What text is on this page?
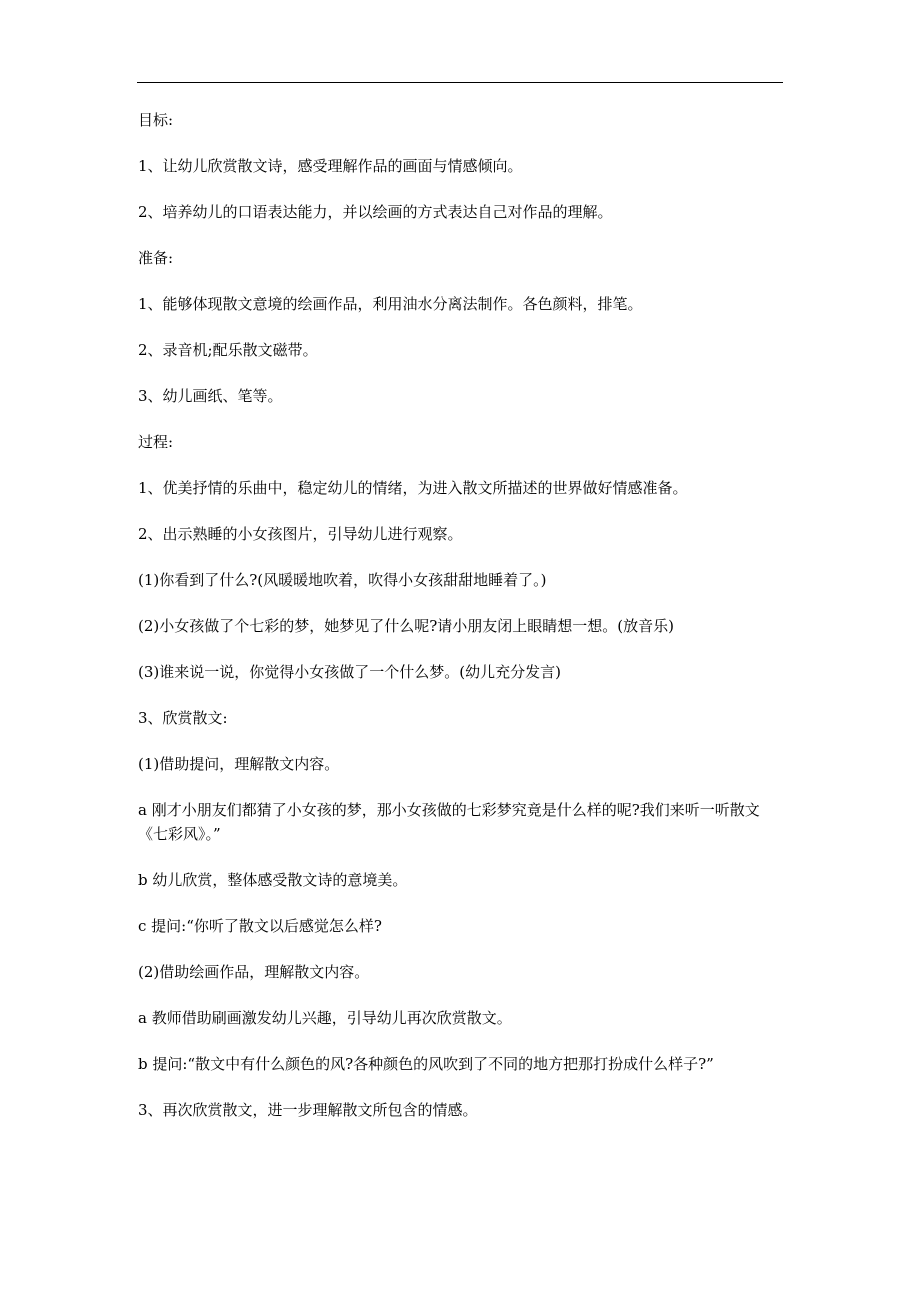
目标:

1、让幼儿欣赏散文诗，感受理解作品的画面与情感倾向。

2、培养幼儿的口语表达能力，并以绘画的方式表达自己对作品的理解。

准备:

1、能够体现散文意境的绘画作品，利用油水分离法制作。各色颜料，排笔。

2、录音机;配乐散文磁带。

3、幼儿画纸、笔等。

过程:

1、优美抒情的乐曲中，稳定幼儿的情绪，为进入散文所描述的世界做好情感准备。

2、出示熟睡的小女孩图片，引导幼儿进行观察。

(1)你看到了什么?(风暖暖地吹着，吹得小女孩甜甜地睡着了。)

(2)小女孩做了个七彩的梦，她梦见了什么呢?请小朋友闭上眼睛想一想。(放音乐)

(3)谁来说一说，你觉得小女孩做了一个什么梦。(幼儿充分发言)

3、欣赏散文:

(1)借助提问，理解散文内容。

a 刚才小朋友们都猜了小女孩的梦，那小女孩做的七彩梦究竟是什么样的呢?我们来听一听散文《七彩风》。”

b 幼儿欣赏，整体感受散文诗的意境美。

c 提问:“你听了散文以后感觉怎么样?

(2)借助绘画作品，理解散文内容。

a 教师借助刷画激发幼儿兴趣，引导幼儿再次欣赏散文。

b 提问:“散文中有什么颜色的风?各种颜色的风吹到了不同的地方把那打扮成什么样子?”

3、再次欣赏散文，进一步理解散文所包含的情感。
